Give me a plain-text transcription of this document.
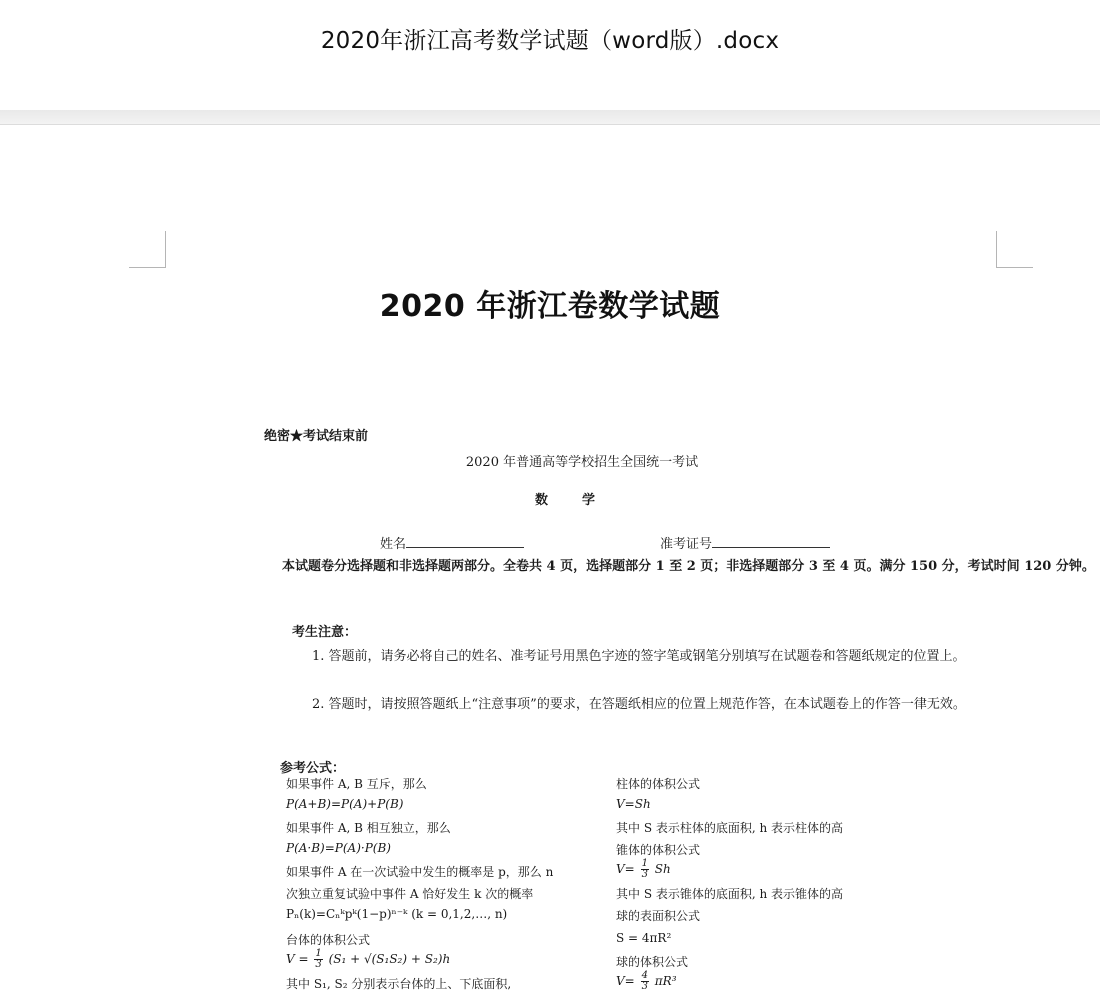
2020年浙江高考数学试题（word版）.docx
2020 年浙江卷数学试题
绝密★考试结束前
2020 年普通高等学校招生全国统一考试
数学
姓名	准考证号
本试题卷分选择题和非选择题两部分。全卷共 4 页，选择题部分 1 至 2 页；非选择题部分 3 至 4 页。满分 150 分，考试时间 120 分钟。
考生注意：
1. 答题前，请务必将自己的姓名、准考证号用黑色字迹的签字笔或钢笔分别填写在试题卷和答题纸规定的位置上。
2. 答题时，请按照答题纸上“注意事项”的要求，在答题纸相应的位置上规范作答，在本试题卷上的作答一律无效。
参考公式：
如果事件 A, B 互斥，那么
P(A+B)=P(A)+P(B)
如果事件 A, B 相互独立，那么
P(A·B)=P(A)·P(B)
如果事件 A 在一次试验中发生的概率是 p，那么 n
次独立重复试验中事件 A 恰好发生 k 次的概率
Pₙ(k)=Cₙᵏpᵏ(1−p)ⁿ⁻ᵏ (k = 0,1,2,…, n)
台体的体积公式
$V = \frac{1}{3} (S_1 + √(S_1S_2) + S_2)h$
其中 S₁, S₂ 分别表示台体的上、下底面积,
柱体的体积公式
V=Sh
其中 S 表示柱体的底面积, h 表示柱体的高
锥体的体积公式
$V= \frac{1}{3}$ Sh
其中 S 表示锥体的底面积, h 表示锥体的高
球的表面积公式
S = 4πR²
球的体积公式
$V= \frac{4}{3} \pi R^3$
